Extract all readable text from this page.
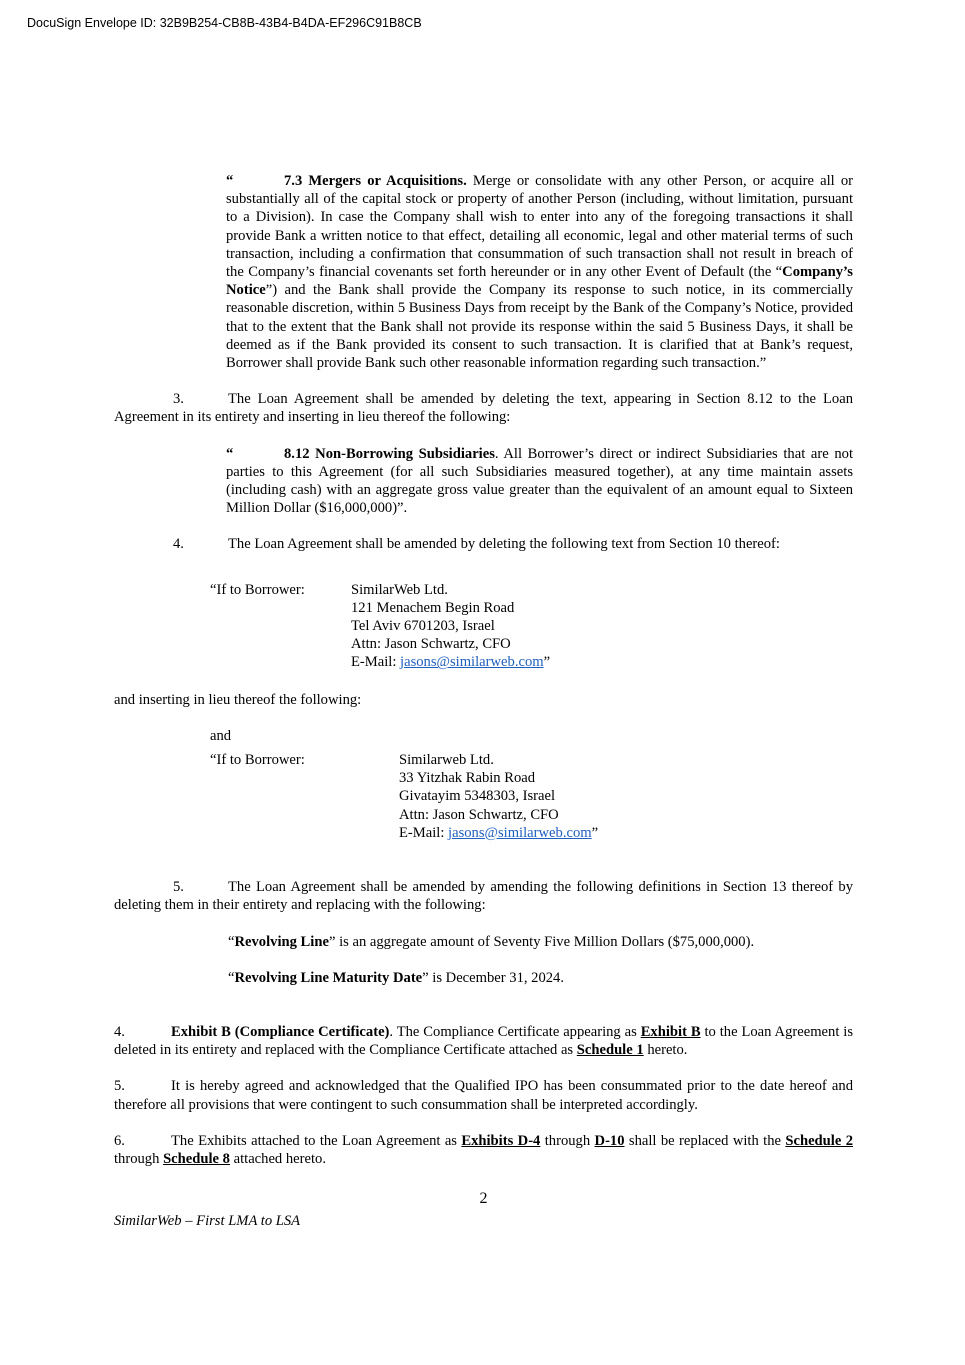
DocuSign Envelope ID: 32B9B254-CB8B-43B4-B4DA-EF296C91B8CB

“	7.3 Mergers or Acquisitions. Merge or consolidate with any other Person, or acquire all or substantially all of the capital stock or property of another Person (including, without limitation, pursuant to a Division). In case the Company shall wish to enter into any of the foregoing transactions it shall provide Bank a written notice to that effect, detailing all economic, legal and other material terms of such transaction, including a confirmation that consummation of such transaction shall not result in breach of the Company’s financial covenants set forth hereunder or in any other Event of Default (the “Company’s Notice”) and the Bank shall provide the Company its response to such notice, in its commercially reasonable discretion, within 5 Business Days from receipt by the Bank of the Company’s Notice, provided that to the extent that the Bank shall not provide its response within the said 5 Business Days, it shall be deemed as if the Bank provided its consent to such transaction. It is clarified that at Bank’s request, Borrower shall provide Bank such other reasonable information regarding such transaction.”

3.	The Loan Agreement shall be amended by deleting the text, appearing in Section 8.12 to the Loan Agreement in its entirety and inserting in lieu thereof the following:

“	8.12 Non-Borrowing Subsidiaries. All Borrower’s direct or indirect Subsidiaries that are not parties to this Agreement (for all such Subsidiaries measured together), at any time maintain assets (including cash) with an aggregate gross value greater than the equivalent of an amount equal to Sixteen Million Dollar ($16,000,000)”.

4.	The Loan Agreement shall be amended by deleting the following text from Section 10 thereof:

“If to Borrower:	SimilarWeb Ltd.
121 Menachem Begin Road
Tel Aviv 6701203, Israel
Attn: Jason Schwartz, CFO
E-Mail: jasons@similarweb.com”

and inserting in lieu thereof the following:

and

“If to Borrower:	Similarweb Ltd.
33 Yitzhak Rabin Road
Givatayim 5348303, Israel
Attn: Jason Schwartz, CFO
E-Mail: jasons@similarweb.com”

5.	The Loan Agreement shall be amended by amending the following definitions in Section 13 thereof by deleting them in their entirety and replacing with the following:

“Revolving Line” is an aggregate amount of Seventy Five Million Dollars ($75,000,000).

“Revolving Line Maturity Date” is December 31, 2024.

4.	Exhibit B (Compliance Certificate). The Compliance Certificate appearing as Exhibit B to the Loan Agreement is deleted in its entirety and replaced with the Compliance Certificate attached as Schedule 1 hereto.

5.	It is hereby agreed and acknowledged that the Qualified IPO has been consummated prior to the date hereof and therefore all provisions that were contingent to such consummation shall be interpreted accordingly.

6.	The Exhibits attached to the Loan Agreement as Exhibits D-4 through D-10 shall be replaced with the Schedule 2 through Schedule 8 attached hereto.

2
SimilarWeb – First LMA to LSA
